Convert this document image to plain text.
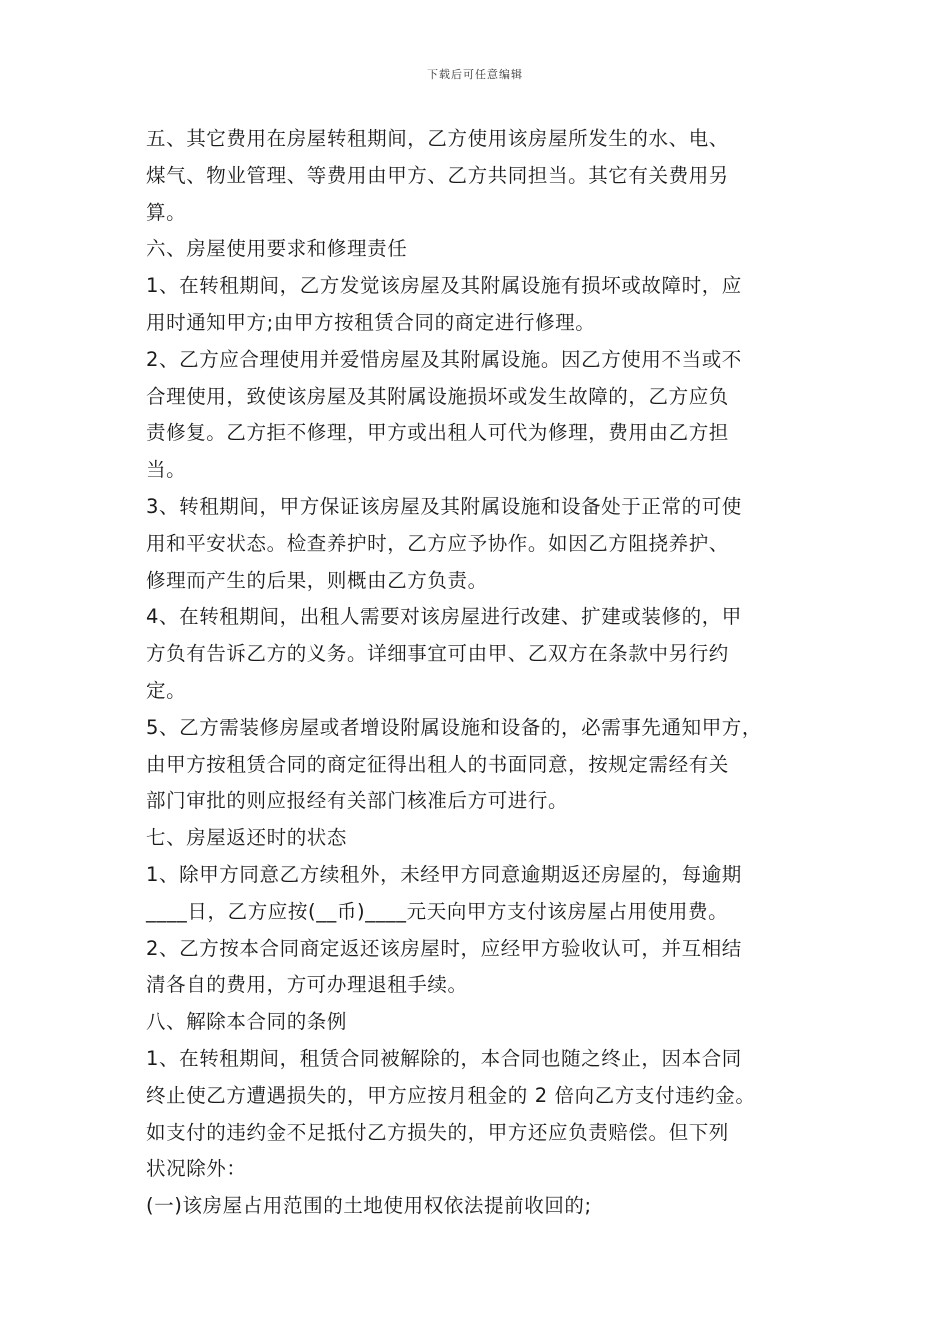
下载后可任意编辑
五、其它费用在房屋转租期间，乙方使用该房屋所发生的水、电、
煤气、物业管理、等费用由甲方、乙方共同担当。其它有关费用另
算。
六、房屋使用要求和修理责任
1、在转租期间，乙方发觉该房屋及其附属设施有损坏或故障时，应
用时通知甲方;由甲方按租赁合同的商定进行修理。
2、乙方应合理使用并爱惜房屋及其附属设施。因乙方使用不当或不
合理使用，致使该房屋及其附属设施损坏或发生故障的，乙方应负
责修复。乙方拒不修理，甲方或出租人可代为修理，费用由乙方担
当。
3、转租期间，甲方保证该房屋及其附属设施和设备处于正常的可使
用和平安状态。检查养护时，乙方应予协作。如因乙方阻挠养护、
修理而产生的后果，则概由乙方负责。
4、在转租期间，出租人需要对该房屋进行改建、扩建或装修的，甲
方负有告诉乙方的义务。详细事宜可由甲、乙双方在条款中另行约
定。
5、乙方需装修房屋或者增设附属设施和设备的，必需事先通知甲方，
由甲方按租赁合同的商定征得出租人的书面同意，按规定需经有关
部门审批的则应报经有关部门核准后方可进行。
七、房屋返还时的状态
1、除甲方同意乙方续租外，未经甲方同意逾期返还房屋的，每逾期
____日，乙方应按(__币)____元天向甲方支付该房屋占用使用费。
2、乙方按本合同商定返还该房屋时，应经甲方验收认可，并互相结
清各自的费用，方可办理退租手续。
八、解除本合同的条例
1、在转租期间，租赁合同被解除的，本合同也随之终止，因本合同
终止使乙方遭遇损失的，甲方应按月租金的 2 倍向乙方支付违约金。
如支付的违约金不足抵付乙方损失的，甲方还应负责赔偿。但下列
状况除外：
(一)该房屋占用范围的土地使用权依法提前收回的;
